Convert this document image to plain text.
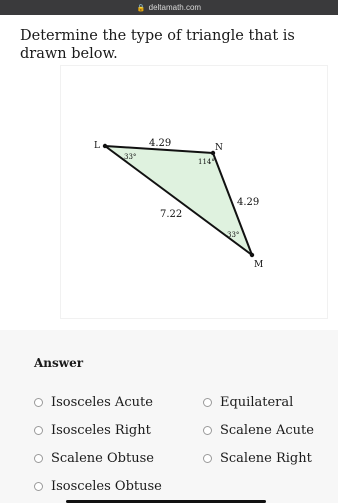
🔒 deltamath.com
Determine the type of triangle that is drawn below.
L	N
M
4.29
4.29
7.22
33°
114°
33°
Answer
Isosceles Acute	Equilateral
Isosceles Right	Scalene Acute
Scalene Obtuse	Scalene Right
Isosceles Obtuse
